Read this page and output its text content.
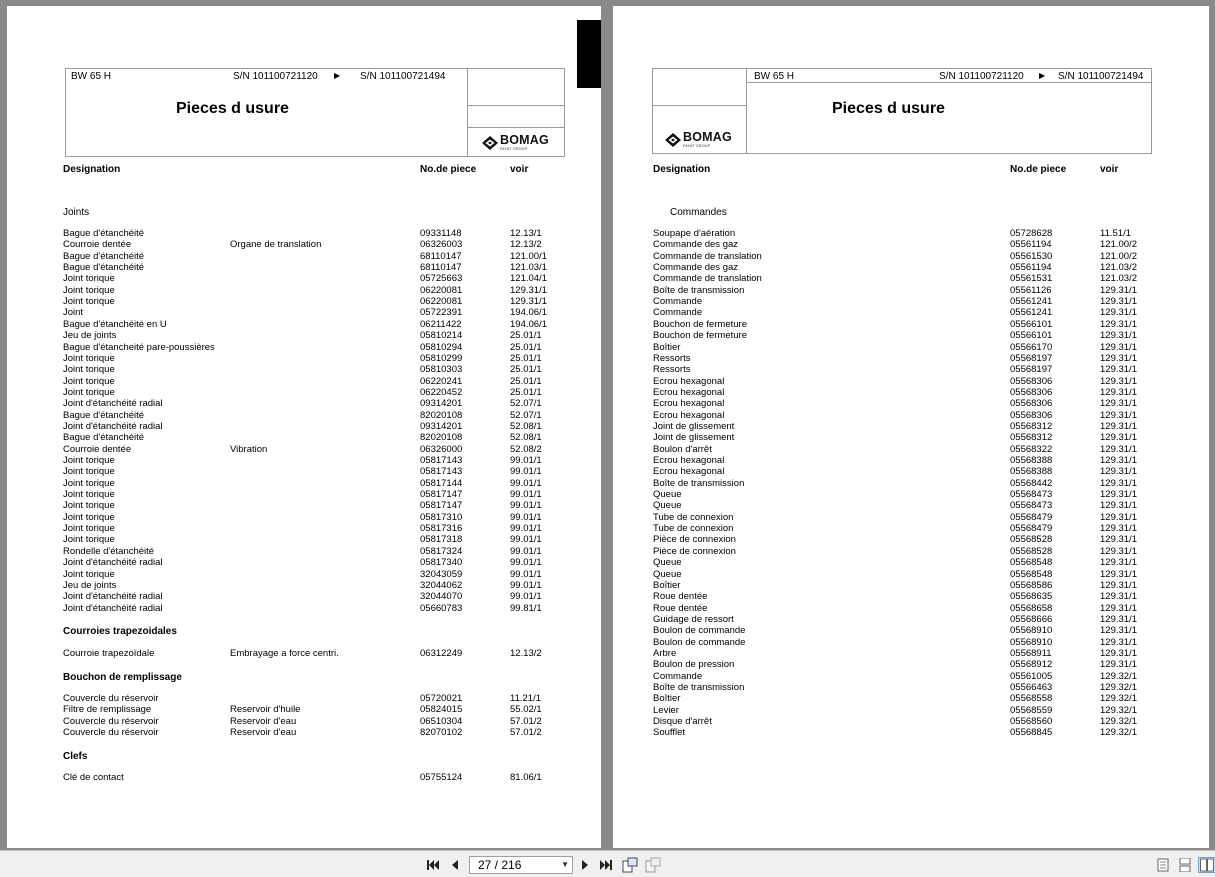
BW 65 H	S/N 101100721120 ▶ S/N 101100721494
Pieces d usure
BOMAG
FAYAT GROUP
Designation	No.de piece	voir
Joints
Bague d'étanchéité	09331148	12.13/1
Courroie dentée	Organe de translation	06326003	12.13/2
Bague d'étanchéité	68110147	121.00/1
Bague d'étanchéité	68110147	121.03/1
Joint torique	05725663	121.04/1
Joint torique	06220081	129.31/1
Joint torique	06220081	129.31/1
Joint	05722391	194.06/1
Bague d'étanchéité en U	06211422	194.06/1
Jeu de joints	05810214	25.01/1
Bague d'étancheité pare-poussières	05810294	25.01/1
Joint torique	05810299	25.01/1
Joint torique	05810303	25.01/1
Joint torique	06220241	25.01/1
Joint torique	06220452	25.01/1
Joint d'étanchéité radial	09314201	52.07/1
Bague d'étanchéité	82020108	52.07/1
Joint d'étanchéité radial	09314201	52.08/1
Bague d'étanchéité	82020108	52.08/1
Courroie dentée	Vibration	06326000	52.08/2
Joint torique	05817143	99.01/1
Joint torique	05817143	99.01/1
Joint torique	05817144	99.01/1
Joint torique	05817147	99.01/1
Joint torique	05817147	99.01/1
Joint torique	05817310	99.01/1
Joint torique	05817316	99.01/1
Joint torique	05817318	99.01/1
Rondelle d'étanchéité	05817324	99.01/1
Joint d'étanchéité radial	05817340	99.01/1
Joint torique	32043059	99.01/1
Jeu de joints	32044062	99.01/1
Joint d'étanchéité radial	32044070	99.01/1
Joint d'étanchéité radial	05660783	99.81/1
Courroies trapezoidales
Courroie trapezoïdale	Embrayage a force centri.	06312249	12.13/2
Bouchon de remplissage
Couvercle du réservoir	05720021	11.21/1
Filtre de remplissage	Reservoir d'huile	05824015	55.02/1
Couvercle du réservoir	Reservoir d'eau	06510304	57.01/2
Couvercle du réservoir	Reservoir d'eau	82070102	57.01/2
Clefs
Clé de contact	05755124	81.06/1
BW 65 H	S/N 101100721120 ▶ S/N 101100721494
Pieces d usure
BOMAG
FAYAT GROUP
Designation	No.de piece	voir
Commandes
Soupape d'aération	05728628	11.51/1
Commande des gaz	05561194	121.00/2
Commande de translation	05561530	121.00/2
Commande des gaz	05561194	121.03/2
Commande de translation	05561531	121.03/2
Boîte de transmission	05561126	129.31/1
Commande	05561241	129.31/1
Commande	05561241	129.31/1
Bouchon de fermeture	05566101	129.31/1
Bouchon de fermeture	05566101	129.31/1
Boîtier	05566170	129.31/1
Ressorts	05568197	129.31/1
Ressorts	05568197	129.31/1
Ecrou hexagonal	05568306	129.31/1
Ecrou hexagonal	05568306	129.31/1
Ecrou hexagonal	05568306	129.31/1
Ecrou hexagonal	05568306	129.31/1
Joint de glissement	05568312	129.31/1
Joint de glissement	05568312	129.31/1
Boulon d'arrêt	05568322	129.31/1
Ecrou hexagonal	05568388	129.31/1
Ecrou hexagonal	05568388	129.31/1
Boîte de transmission	05568442	129.31/1
Queue	05568473	129.31/1
Queue	05568473	129.31/1
Tube de connexion	05568479	129.31/1
Tube de connexion	05568479	129.31/1
Pièce de connexion	05568528	129.31/1
Pièce de connexion	05568528	129.31/1
Queue	05568548	129.31/1
Queue	05568548	129.31/1
Boîtier	05568586	129.31/1
Roue dentée	05568635	129.31/1
Roue dentée	05568658	129.31/1
Guidage de ressort	05568666	129.31/1
Boulon de commande	05568910	129.31/1
Boulon de commande	05568910	129.31/1
Arbre	05568911	129.31/1
Boulon de pression	05568912	129.31/1
Commande	05561005	129.32/1
Boîte de transmission	05566463	129.32/1
Boîtier	05568558	129.32/1
Levier	05568559	129.32/1
Disque d'arrêt	05568560	129.32/1
Soufflet	05568845	129.32/1
27 / 216	▼
